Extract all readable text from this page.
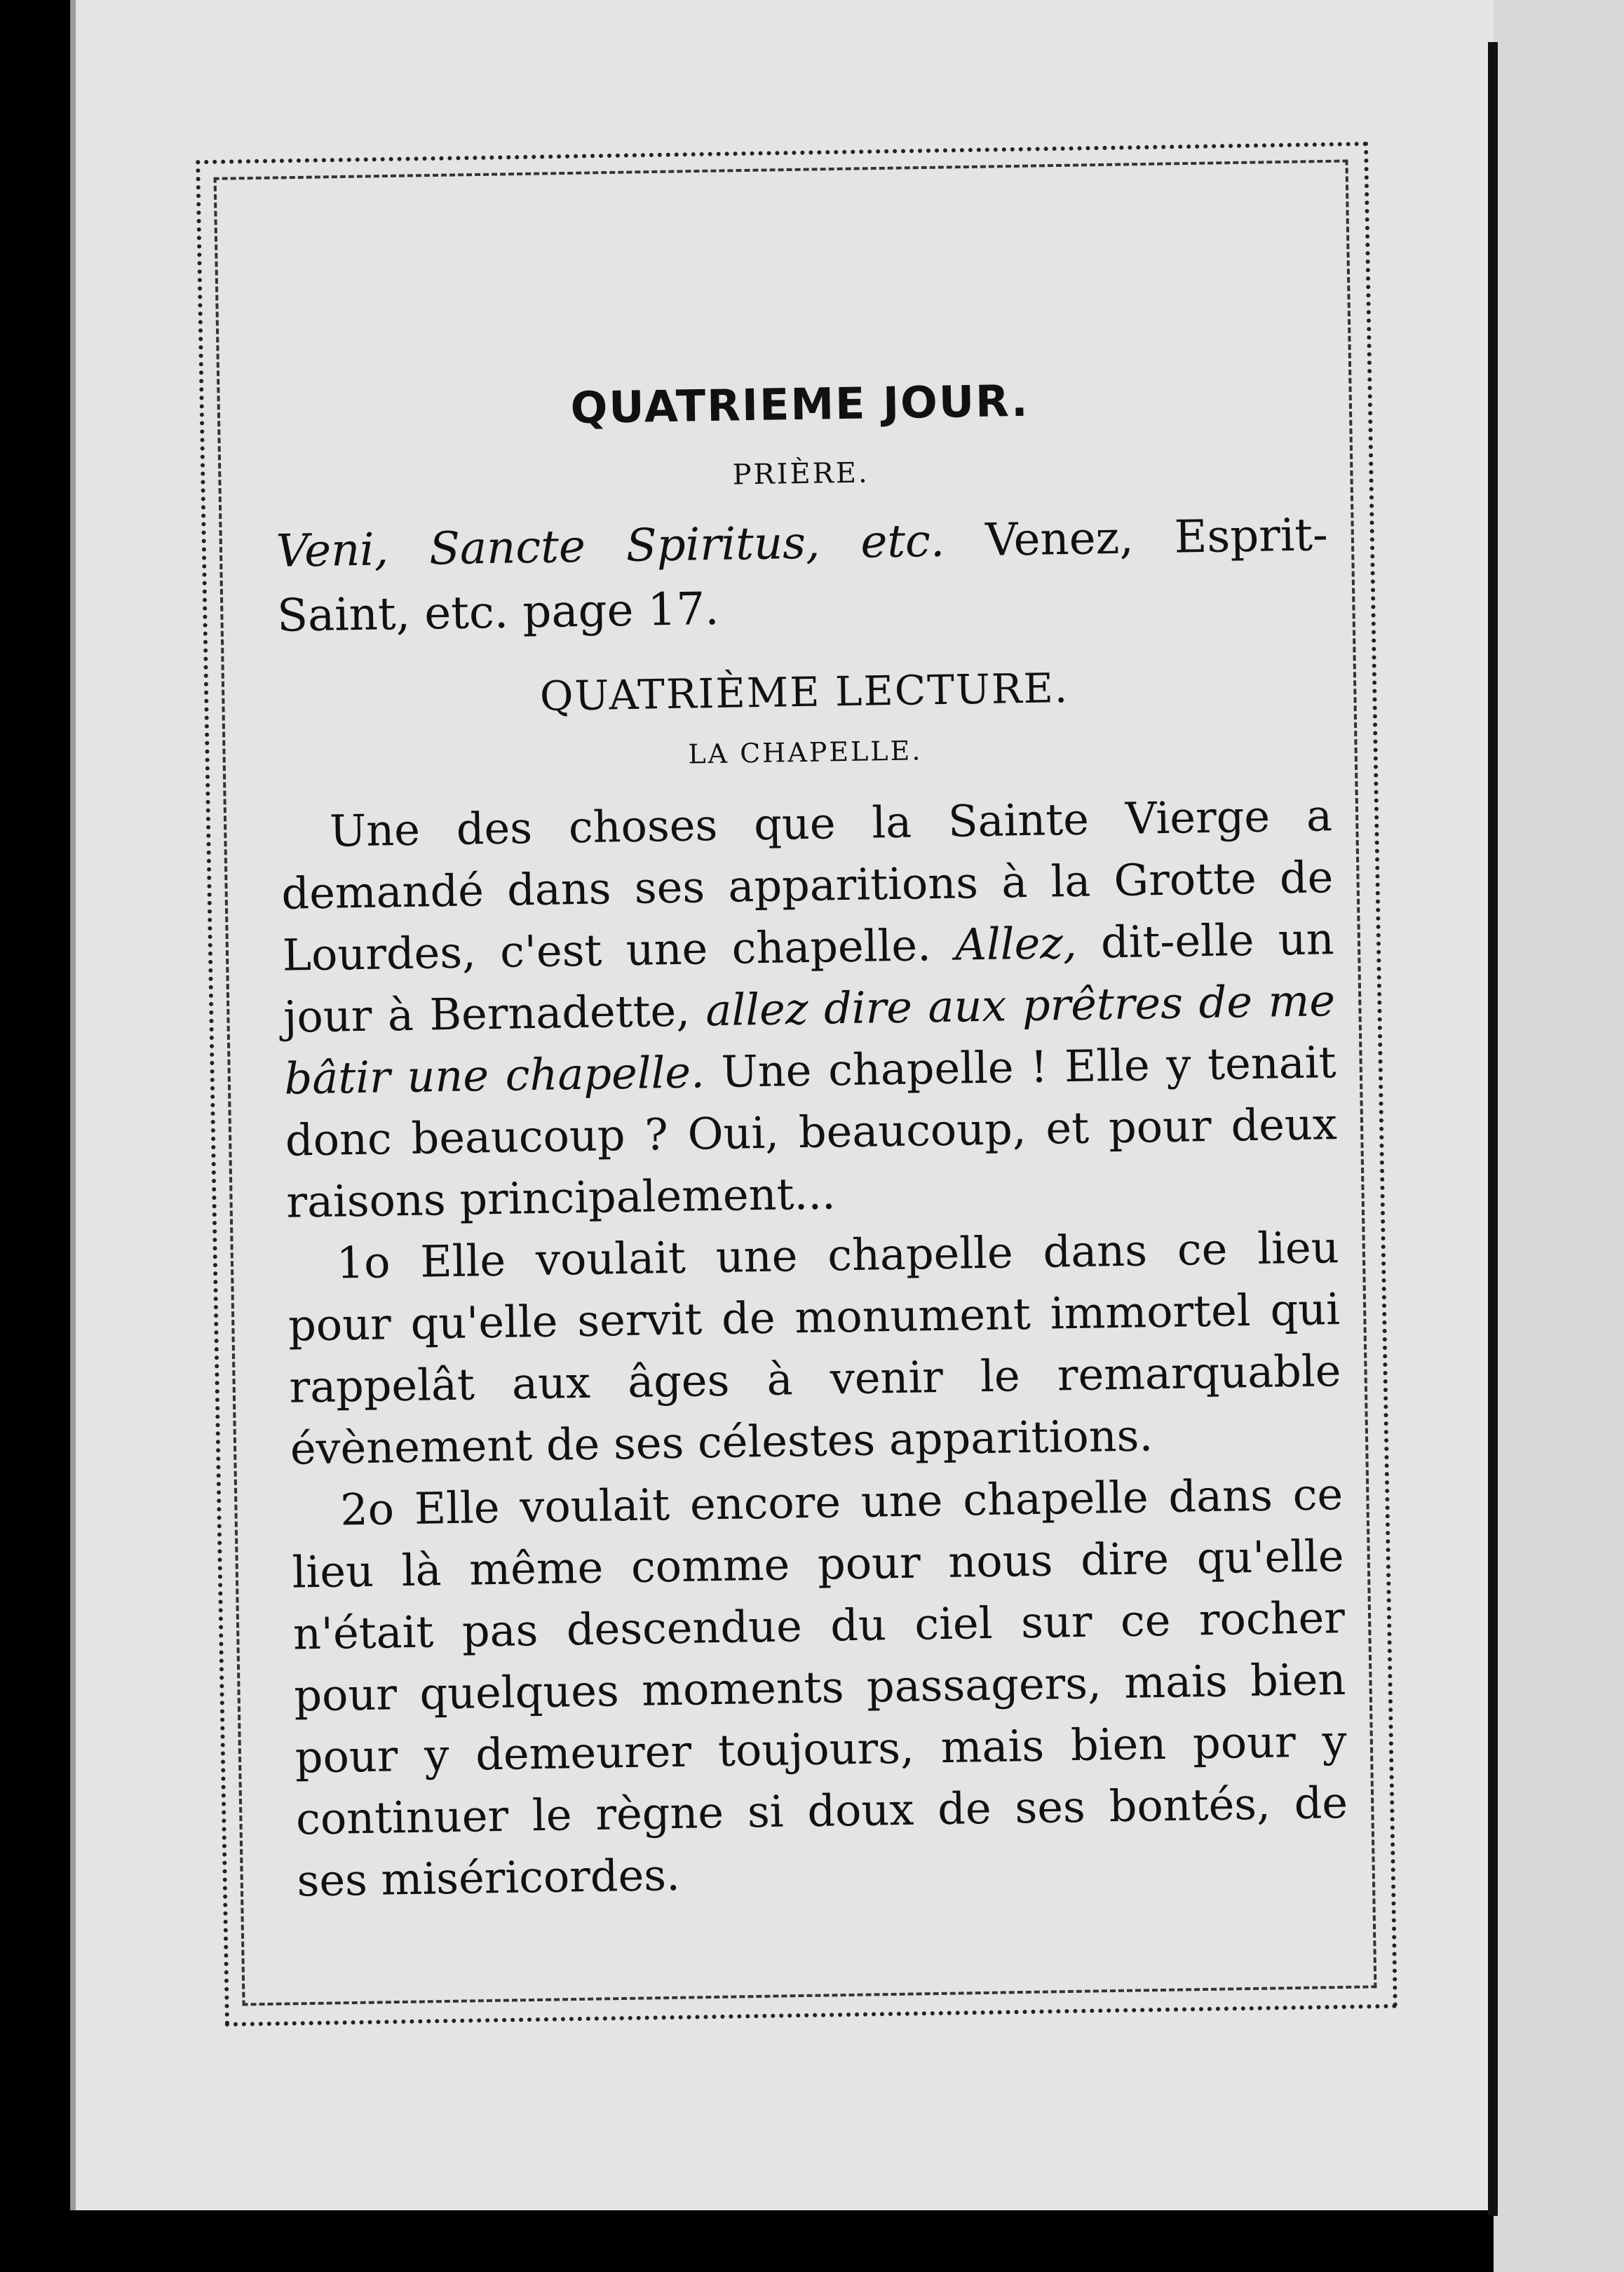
QUATRIEME JOUR.
PRIÈRE.

Veni, Sancte Spiritus, etc. Venez, Esprit-Saint, etc. page 17.

QUATRIÈME LECTURE.
LA CHAPELLE.

Une des choses que la Sainte Vierge a demandé dans ses apparitions à la Grotte de Lourdes, c'est une chapelle. Allez, dit-elle un jour à Bernadette, allez dire aux prêtres de me bâtir une chapelle. Une chapelle ! Elle y tenait donc beaucoup ? Oui, beaucoup, et pour deux raisons principalement...

1o Elle voulait une chapelle dans ce lieu pour qu'elle servit de monument immortel qui rappelât aux âges à venir le remarquable évènement de ses célestes apparitions.

2o Elle voulait encore une chapelle dans ce lieu là même comme pour nous dire qu'elle n'était pas descendue du ciel sur ce rocher pour quelques moments passagers, mais bien pour y demeurer toujours, mais bien pour y continuer le règne si doux de ses bontés, de ses miséricordes.
